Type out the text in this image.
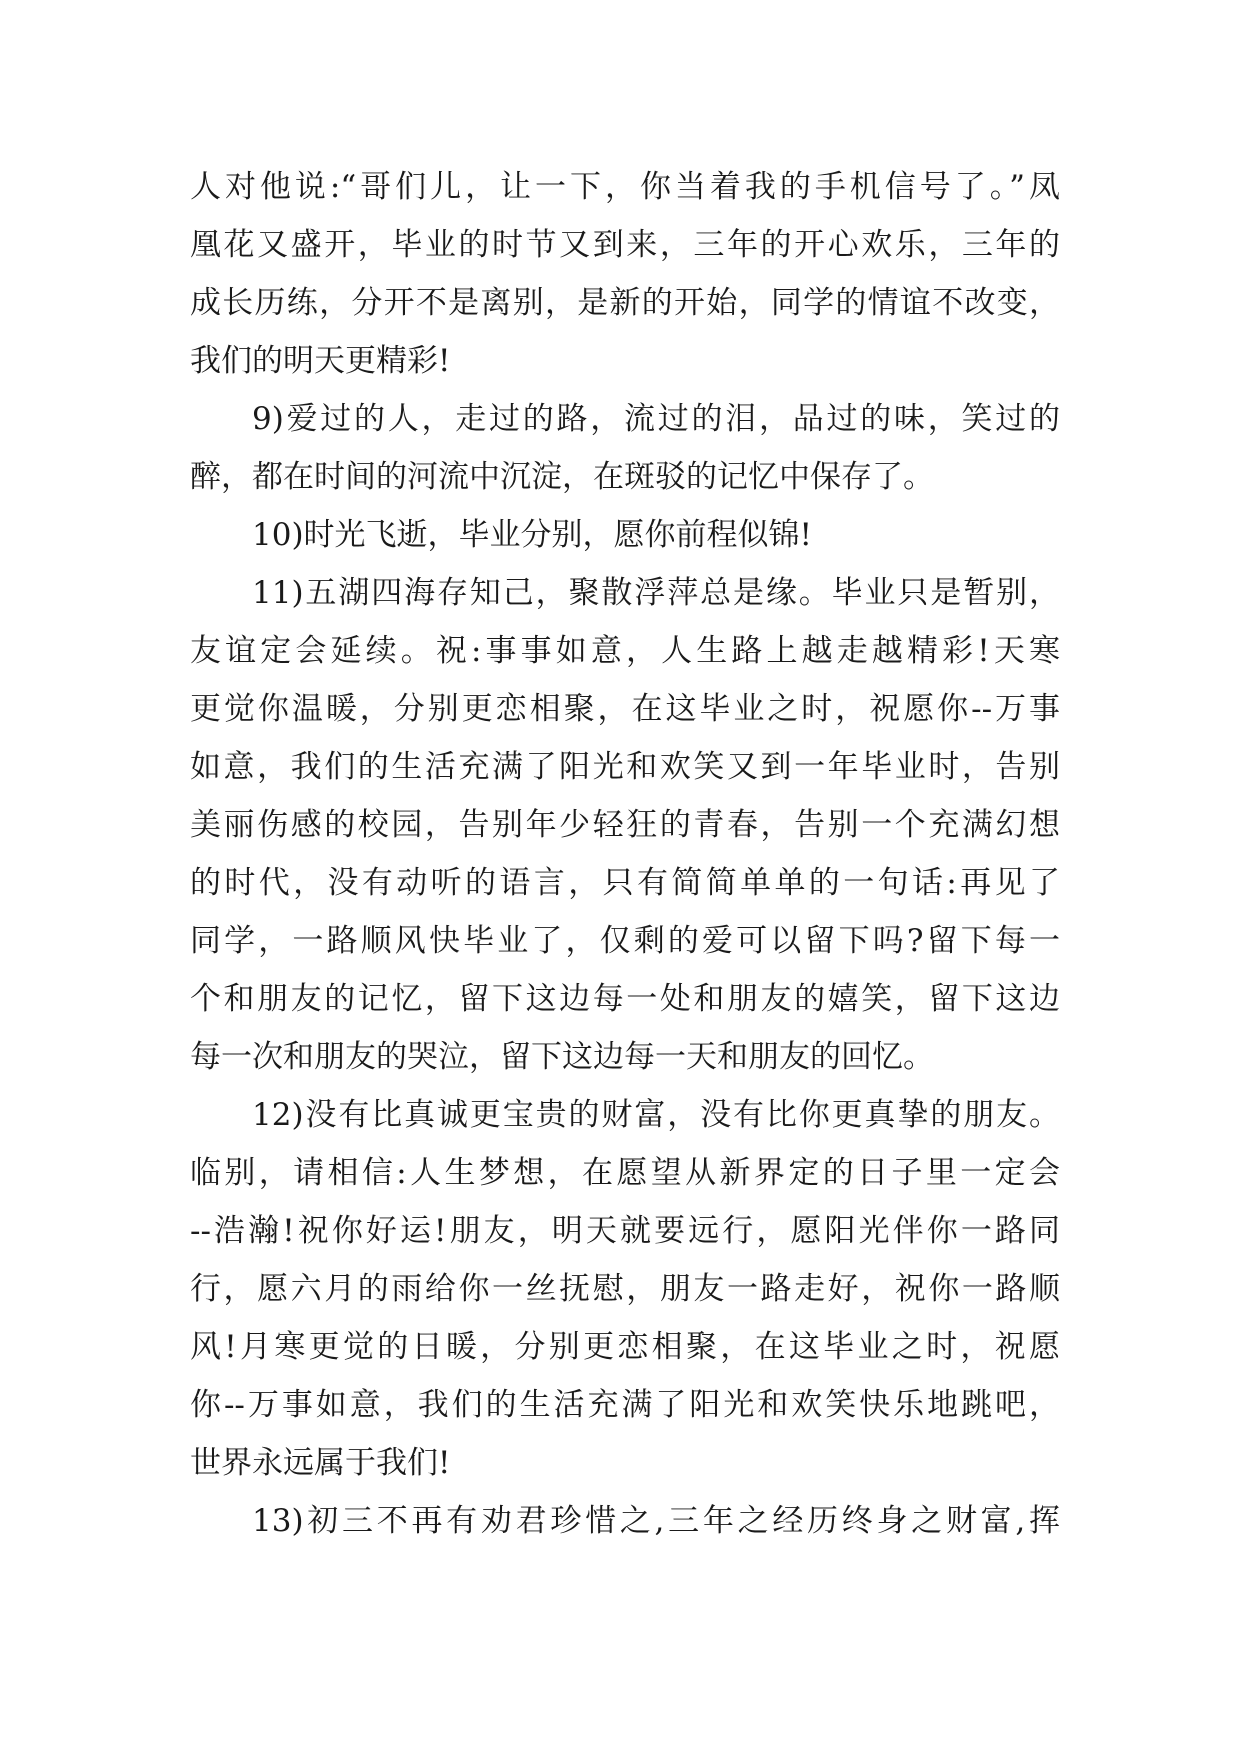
人对他说:“哥们儿，让一下，你当着我的手机信号了。”凤
凰花又盛开，毕业的时节又到来，三年的开心欢乐，三年的
成长历练，分开不是离别，是新的开始，同学的情谊不改变，
我们的明天更精彩!
9)爱过的人，走过的路，流过的泪，品过的味，笑过的
醉，都在时间的河流中沉淀，在斑驳的记忆中保存了。
10)时光飞逝，毕业分别，愿你前程似锦!
11)五湖四海存知己，聚散浮萍总是缘。毕业只是暂别，
友谊定会延续。祝:事事如意，人生路上越走越精彩!天寒
更觉你温暖，分别更恋相聚，在这毕业之时，祝愿你--万事
如意，我们的生活充满了阳光和欢笑又到一年毕业时，告别
美丽伤感的校园，告别年少轻狂的青春，告别一个充满幻想
的时代，没有动听的语言，只有简简单单的一句话:再见了
同学，一路顺风快毕业了，仅剩的爱可以留下吗?留下每一
个和朋友的记忆，留下这边每一处和朋友的嬉笑，留下这边
每一次和朋友的哭泣，留下这边每一天和朋友的回忆。
12)没有比真诚更宝贵的财富，没有比你更真挚的朋友。
临别，请相信:人生梦想，在愿望从新界定的日子里一定会
--浩瀚!祝你好运!朋友，明天就要远行，愿阳光伴你一路同
行，愿六月的雨给你一丝抚慰，朋友一路走好，祝你一路顺
风!月寒更觉的日暖，分别更恋相聚，在这毕业之时，祝愿
你--万事如意，我们的生活充满了阳光和欢笑快乐地跳吧，
世界永远属于我们!
13)初三不再有劝君珍惜之,三年之经历终身之财富,挥
